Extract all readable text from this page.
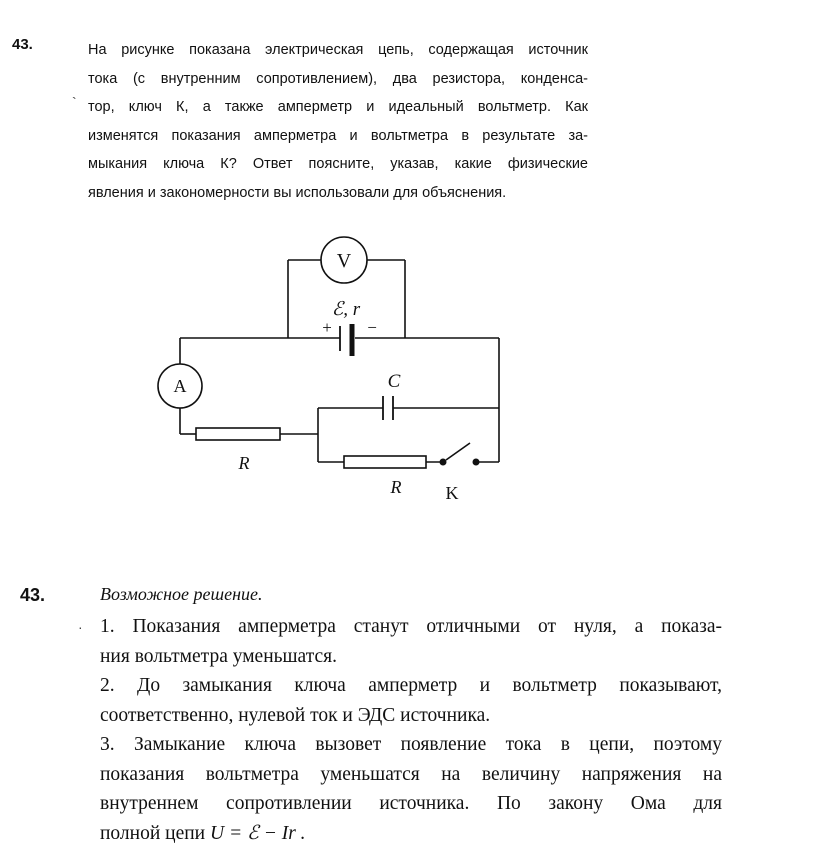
43.	На рисунке показана электрическая цепь, содержащая источник
тока (с внутренним сопротивлением), два резистора, конденса-
тор, ключ К, а также амперметр и идеальный вольтметр. Как
изменятся показания амперметра и вольтметра в результате за-
мыкания ключа К? Ответ поясните, указав, какие физические
явления и закономерности вы использовали для объяснения.
`
V
ℰ, r
+ −
A
R
C
R K
43.	Возможное решение.
· 1. Показания амперметра станут отличными от нуля, а показа-
ния вольтметра уменьшатся.
2. До замыкания ключа амперметр и вольтметр показывают,
соответственно, нулевой ток и ЭДС источника.
3. Замыкание ключа вызовет появление тока в цепи, поэтому
показания вольтметра уменьшатся на величину напряжения на
внутреннем сопротивлении источника. По закону Ома для
полной цепи U = ℰ − Ir .
